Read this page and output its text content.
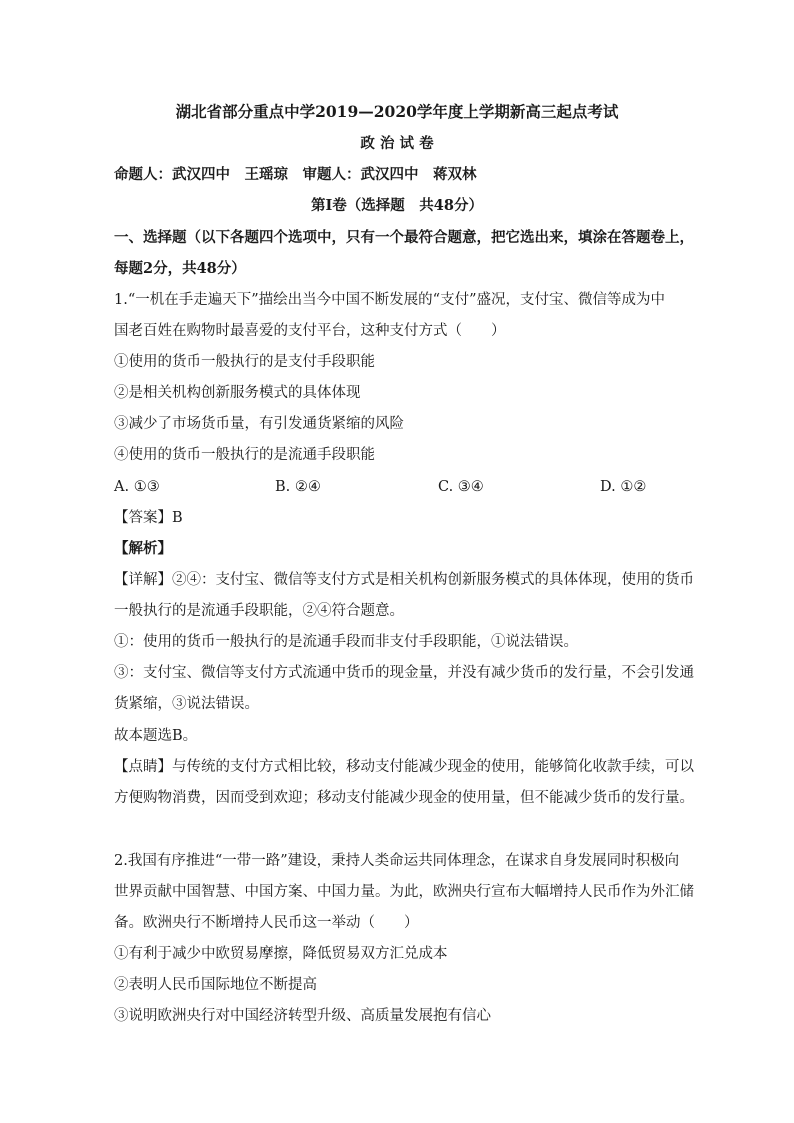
湖北省部分重点中学2019—2020学年度上学期新高三起点考试
政 治 试 卷
命题人：武汉四中　王瑶琼　审题人：武汉四中　蒋双林
第Ⅰ卷（选择题　共48分）
一、选择题（以下各题四个选项中，只有一个最符合题意，把它选出来，填涂在答题卷上，
每题2分，共48分）
1.“一机在手走遍天下”描绘出当今中国不断发展的“支付”盛况，支付宝、微信等成为中
国老百姓在购物时最喜爱的支付平台，这种支付方式（　　）
①使用的货币一般执行的是支付手段职能
②是相关机构创新服务模式的具体体现
③减少了市场货币量，有引发通货紧缩的风险
④使用的货币一般执行的是流通手段职能
A. ①③	B. ②④	C. ③④	D. ①②
【答案】B
【解析】
【详解】②④：支付宝、微信等支付方式是相关机构创新服务模式的具体体现，使用的货币
一般执行的是流通手段职能，②④符合题意。
①：使用的货币一般执行的是流通手段而非支付手段职能，①说法错误。
③：支付宝、微信等支付方式流通中货币的现金量，并没有减少货币的发行量，不会引发通
货紧缩，③说法错误。
故本题选B。
【点睛】与传统的支付方式相比较，移动支付能减少现金的使用，能够简化收款手续，可以
方便购物消费，因而受到欢迎；移动支付能减少现金的使用量，但不能减少货币的发行量。
2.我国有序推进“一带一路”建设，秉持人类命运共同体理念，在谋求自身发展同时积极向
世界贡献中国智慧、中国方案、中国力量。为此，欧洲央行宣布大幅增持人民币作为外汇储
备。欧洲央行不断增持人民币这一举动（　　）
①有利于减少中欧贸易摩擦，降低贸易双方汇兑成本
②表明人民币国际地位不断提高
③说明欧洲央行对中国经济转型升级、高质量发展抱有信心
